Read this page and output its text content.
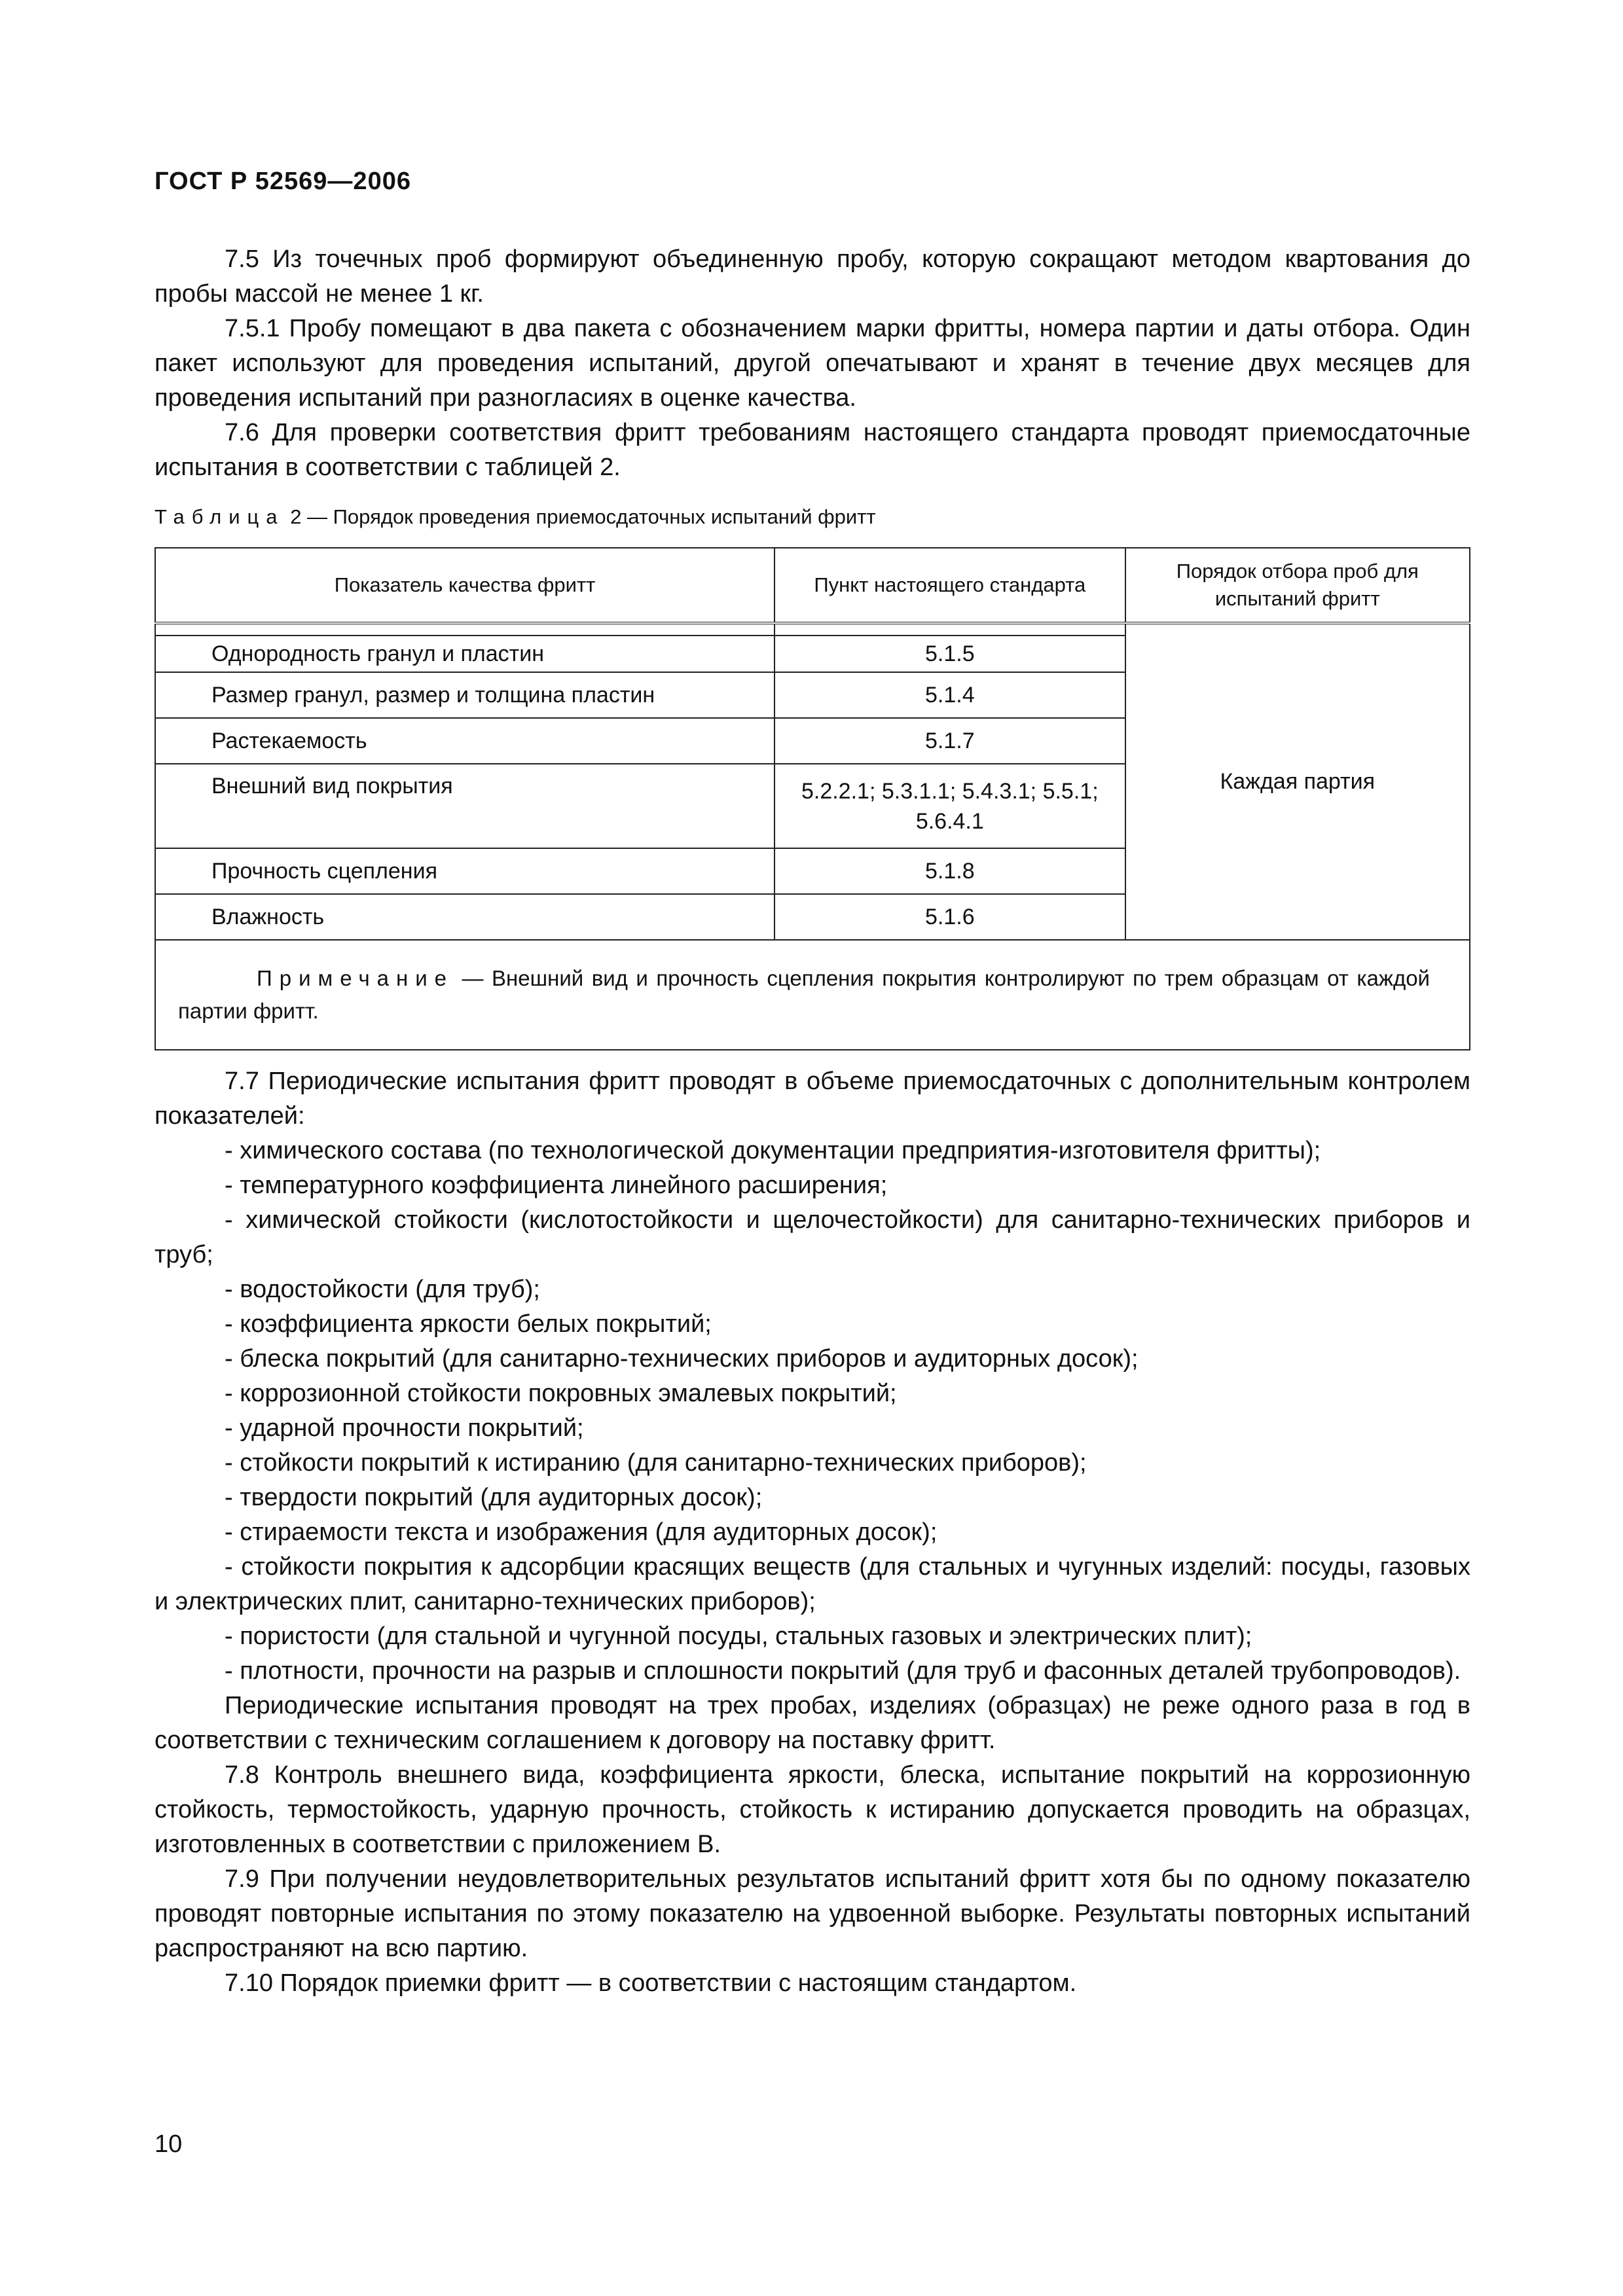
ГОСТ Р 52569—2006

7.5 Из точечных проб формируют объединенную пробу, которую сокращают методом квартования до пробы массой не менее 1 кг.

7.5.1 Пробу помещают в два пакета с обозначением марки фритты, номера партии и даты отбора. Один пакет используют для проведения испытаний, другой опечатывают и хранят в течение двух месяцев для проведения испытаний при разногласиях в оценке качества.

7.6 Для проверки соответствия фритт требованиям настоящего стандарта проводят приемосдаточные испытания в соответствии с таблицей 2.

Таблица 2 — Порядок проведения приемосдаточных испытаний фритт
Показатель качества фритт	Пункт настоящего стандарта	Порядок отбора проб для испытаний фритт
		Каждая партия
Однородность гранул и пластин	5.1.5	
Размер гранул, размер и толщина пластин	5.1.4	
Растекаемость	5.1.7	
Внешний вид покрытия	5.2.2.1; 5.3.1.1; 5.4.3.1; 5.5.1; 5.6.4.1	
Прочность сцепления	5.1.8	
Влажность	5.1.6	
Примечание — Внешний вид и прочность сцепления покрытия контролируют по трем образцам от каждой партии фритт.		

7.7 Периодические испытания фритт проводят в объеме приемосдаточных с дополнительным контролем показателей:

- химического состава (по технологической документации предприятия-изготовителя фритты);

- температурного коэффициента линейного расширения;

- химической стойкости (кислотостойкости и щелочестойкости) для санитарно-технических приборов и труб;

- водостойкости (для труб);

- коэффициента яркости белых покрытий;

- блеска покрытий (для санитарно-технических приборов и аудиторных досок);

- коррозионной стойкости покровных эмалевых покрытий;

- ударной прочности покрытий;

- стойкости покрытий к истиранию (для санитарно-технических приборов);

- твердости покрытий (для аудиторных досок);

- стираемости текста и изображения (для аудиторных досок);

- стойкости покрытия к адсорбции красящих веществ (для стальных и чугунных изделий: посуды, газовых и электрических плит, санитарно-технических приборов);

- пористости (для стальной и чугунной посуды, стальных газовых и электрических плит);

- плотности, прочности на разрыв и сплошности покрытий (для труб и фасонных деталей трубопроводов).

Периодические испытания проводят на трех пробах, изделиях (образцах) не реже одного раза в год в соответствии с техническим соглашением к договору на поставку фритт.

7.8 Контроль внешнего вида, коэффициента яркости, блеска, испытание покрытий на коррозионную стойкость, термостойкость, ударную прочность, стойкость к истиранию допускается проводить на образцах, изготовленных в соответствии с приложением В.

7.9 При получении неудовлетворительных результатов испытаний фритт хотя бы по одному показателю проводят повторные испытания по этому показателю на удвоенной выборке. Результаты повторных испытаний распространяют на всю партию.

7.10 Порядок приемки фритт — в соответствии с настоящим стандартом.

10
